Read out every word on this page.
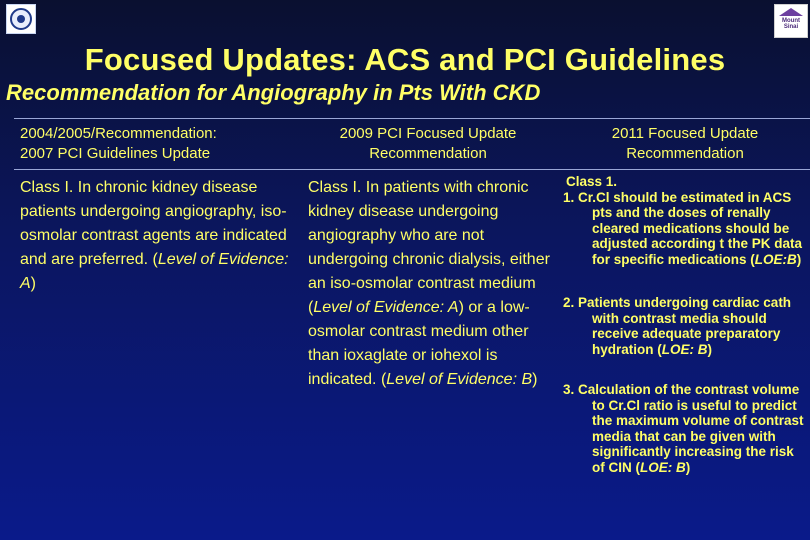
Mount Sinai
Focused Updates: ACS and PCI Guidelines
Recommendation for Angiography in Pts With CKD
2004/2005/Recommendation:
2007 PCI Guidelines Update
2009 PCI Focused Update
Recommendation
2011 Focused Update
Recommendation
Class I. In chronic kidney disease patients undergoing angiography, iso-osmolar contrast agents are indicated and are preferred. (Level of Evidence: A)
Class I. In patients with chronic kidney disease undergoing angiography who are not undergoing chronic dialysis, either an iso-osmolar contrast medium (Level of Evidence: A) or a low-osmolar contrast medium other than ioxaglate or iohexol is indicated. (Level of Evidence: B)
Class 1.
1. Cr.Cl should be estimated in ACS pts and the doses of renally cleared medications should be adjusted according t the PK data for specific medications (LOE:B)
2. Patients undergoing cardiac cath with contrast media should receive adequate preparatory hydration (LOE: B)
3. Calculation of the contrast volume to Cr.Cl ratio is useful to predict the maximum volume of contrast media that can be given with significantly increasing the risk of CIN (LOE: B)
